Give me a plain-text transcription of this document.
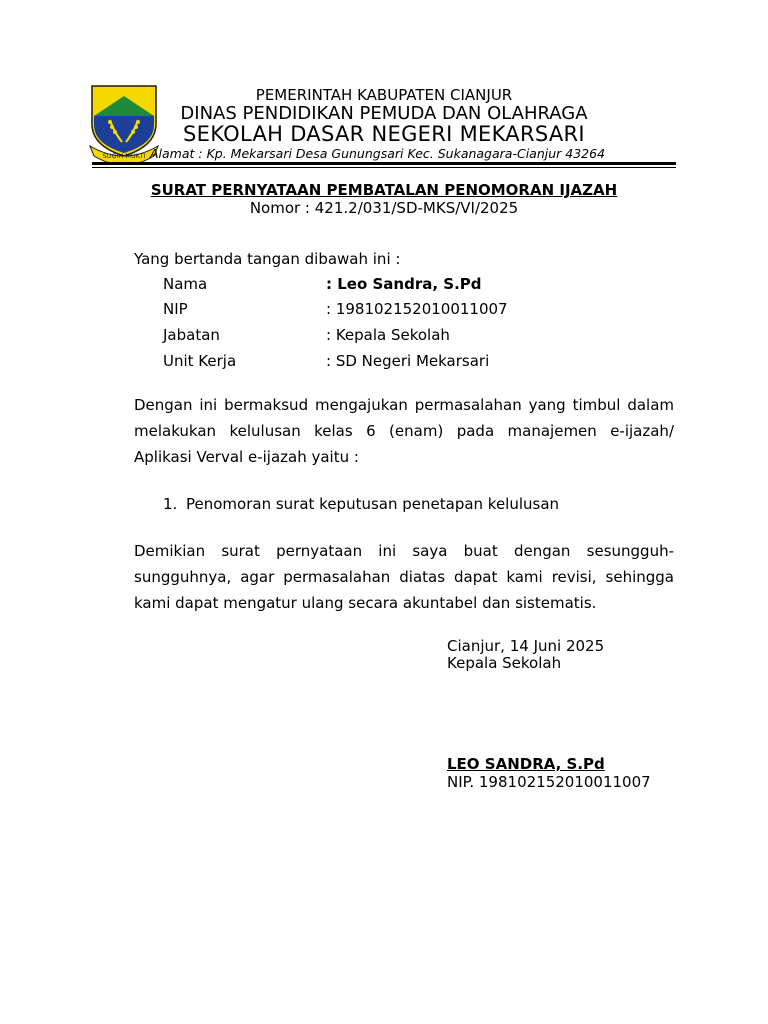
SUGIH MUKTI
PEMERINTAH KABUPATEN CIANJUR
DINAS PENDIDIKAN PEMUDA DAN OLAHRAGA
SEKOLAH DASAR NEGERI MEKARSARI
Alamat : Kp. Mekarsari Desa Gunungsari Kec. Sukanagara-Cianjur 43264
SURAT PERNYATAAN PEMBATALAN PENOMORAN IJAZAH
Nomor : 421.2/031/SD-MKS/VI/2025
Yang bertanda tangan dibawah ini :
Nama	: Leo Sandra, S.Pd
NIP	: 198102152010011007
Jabatan	: Kepala Sekolah
Unit Kerja	: SD Negeri Mekarsari
Dengan ini bermaksud mengajukan permasalahan yang timbul dalam melakukan kelulusan kelas 6 (enam) pada manajemen e-ijazah/ Aplikasi Verval e-ijazah yaitu :
1. Penomoran surat keputusan penetapan kelulusan
Demikian surat pernyataan ini saya buat dengan sesungguh-sungguhnya, agar permasalahan diatas dapat kami revisi, sehingga kami dapat mengatur ulang secara akuntabel dan sistematis.
Cianjur, 14 Juni 2025
Kepala Sekolah
LEO SANDRA, S.Pd
NIP. 198102152010011007
